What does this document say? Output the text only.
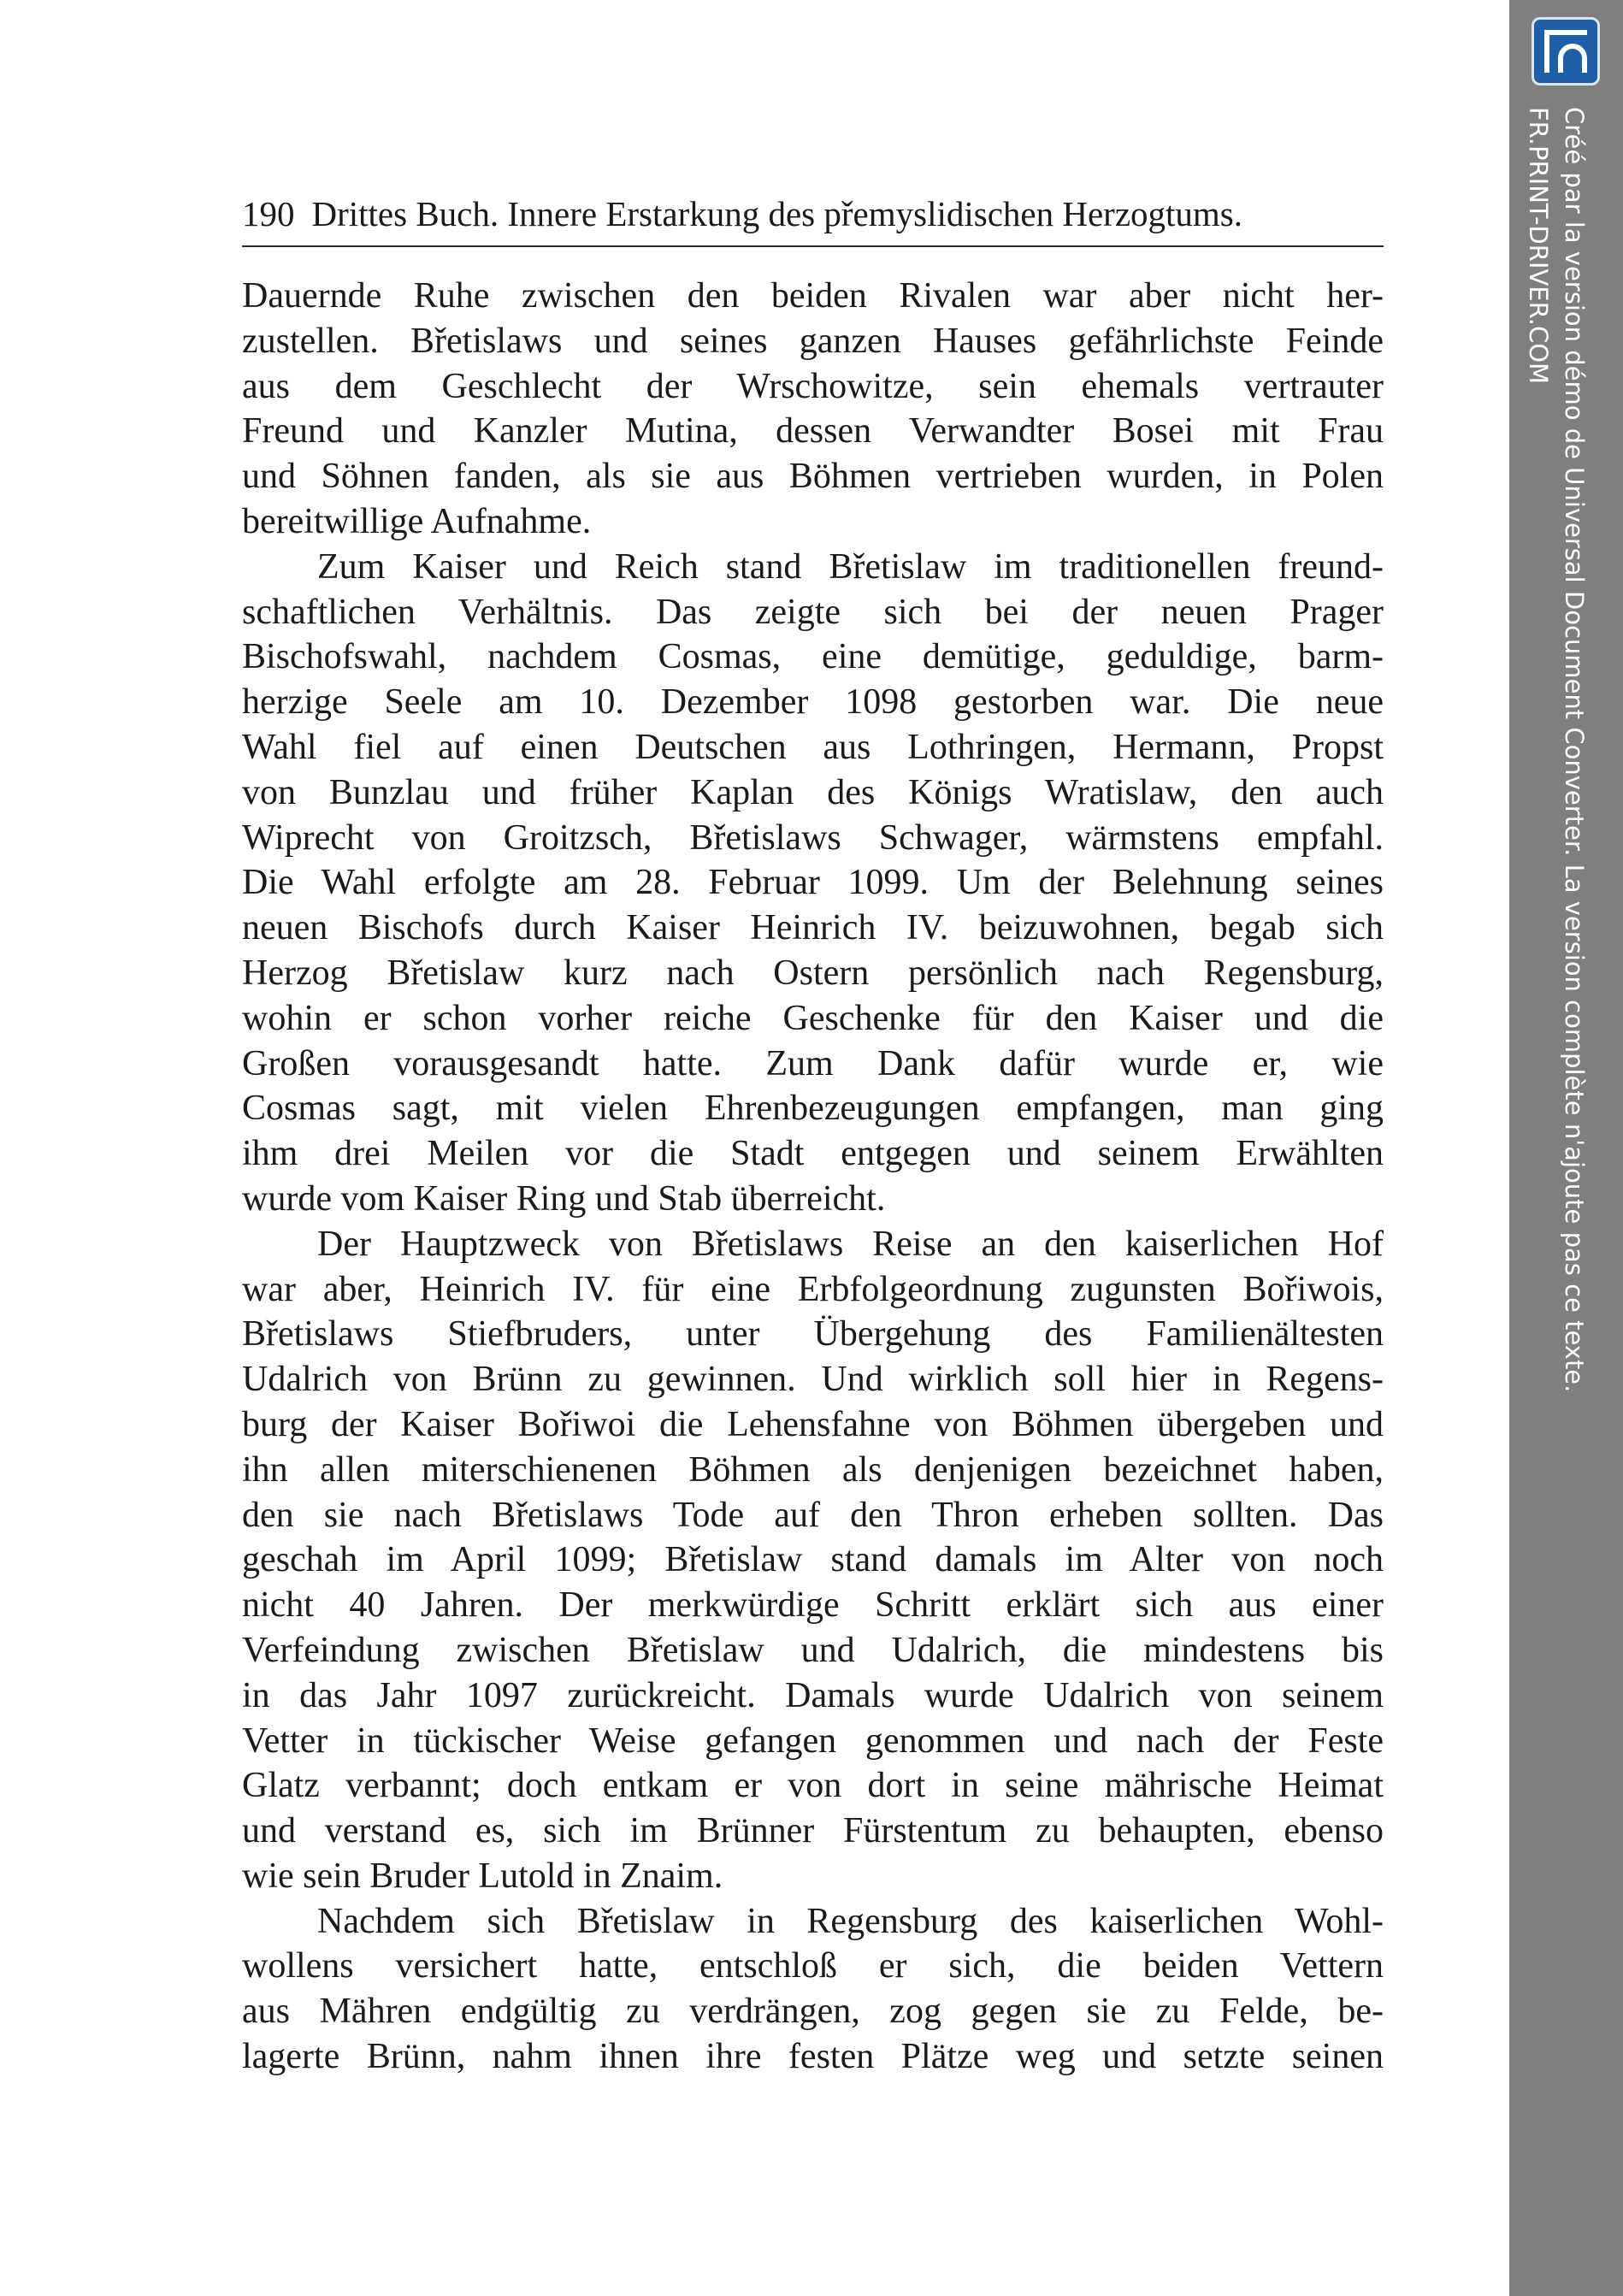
190 Drittes Buch. Innere Erstarkung des přemyslidischen Herzogtums.
Dauernde Ruhe zwischen den beiden Rivalen war aber nicht her-
zustellen. Břetislaws und seines ganzen Hauses gefährlichste Feinde
aus dem Geschlecht der Wrschowitze, sein ehemals vertrauter
Freund und Kanzler Mutina, dessen Verwandter Bosei mit Frau
und Söhnen fanden, als sie aus Böhmen vertrieben wurden, in Polen
bereitwillige Aufnahme.
Zum Kaiser und Reich stand Břetislaw im traditionellen freund-
schaftlichen Verhältnis. Das zeigte sich bei der neuen Prager
Bischofswahl, nachdem Cosmas, eine demütige, geduldige, barm-
herzige Seele am 10. Dezember 1098 gestorben war. Die neue
Wahl fiel auf einen Deutschen aus Lothringen, Hermann, Propst
von Bunzlau und früher Kaplan des Königs Wratislaw, den auch
Wiprecht von Groitzsch, Břetislaws Schwager, wärmstens empfahl.
Die Wahl erfolgte am 28. Februar 1099. Um der Belehnung seines
neuen Bischofs durch Kaiser Heinrich IV. beizuwohnen, begab sich
Herzog Břetislaw kurz nach Ostern persönlich nach Regensburg,
wohin er schon vorher reiche Geschenke für den Kaiser und die
Großen vorausgesandt hatte. Zum Dank dafür wurde er, wie
Cosmas sagt, mit vielen Ehrenbezeugungen empfangen, man ging
ihm drei Meilen vor die Stadt entgegen und seinem Erwählten
wurde vom Kaiser Ring und Stab überreicht.
Der Hauptzweck von Břetislaws Reise an den kaiserlichen Hof
war aber, Heinrich IV. für eine Erbfolgeordnung zugunsten Bořiwois,
Břetislaws Stiefbruders, unter Übergehung des Familienältesten
Udalrich von Brünn zu gewinnen. Und wirklich soll hier in Regens-
burg der Kaiser Bořiwoi die Lehensfahne von Böhmen übergeben und
ihn allen miterschienenen Böhmen als denjenigen bezeichnet haben,
den sie nach Břetislaws Tode auf den Thron erheben sollten. Das
geschah im April 1099; Břetislaw stand damals im Alter von noch
nicht 40 Jahren. Der merkwürdige Schritt erklärt sich aus einer
Verfeindung zwischen Břetislaw und Udalrich, die mindestens bis
in das Jahr 1097 zurückreicht. Damals wurde Udalrich von seinem
Vetter in tückischer Weise gefangen genommen und nach der Feste
Glatz verbannt; doch entkam er von dort in seine mährische Heimat
und verstand es, sich im Brünner Fürstentum zu behaupten, ebenso
wie sein Bruder Lutold in Znaim.
Nachdem sich Břetislaw in Regensburg des kaiserlichen Wohl-
wollens versichert hatte, entschloß er sich, die beiden Vettern
aus Mähren endgültig zu verdrängen, zog gegen sie zu Felde, be-
lagerte Brünn, nahm ihnen ihre festen Plätze weg und setzte seinen
Créé par la version démo de Universal Document Converter. La version complète n'ajoute pas ce texte.
FR.PRINT-DRIVER.COM
